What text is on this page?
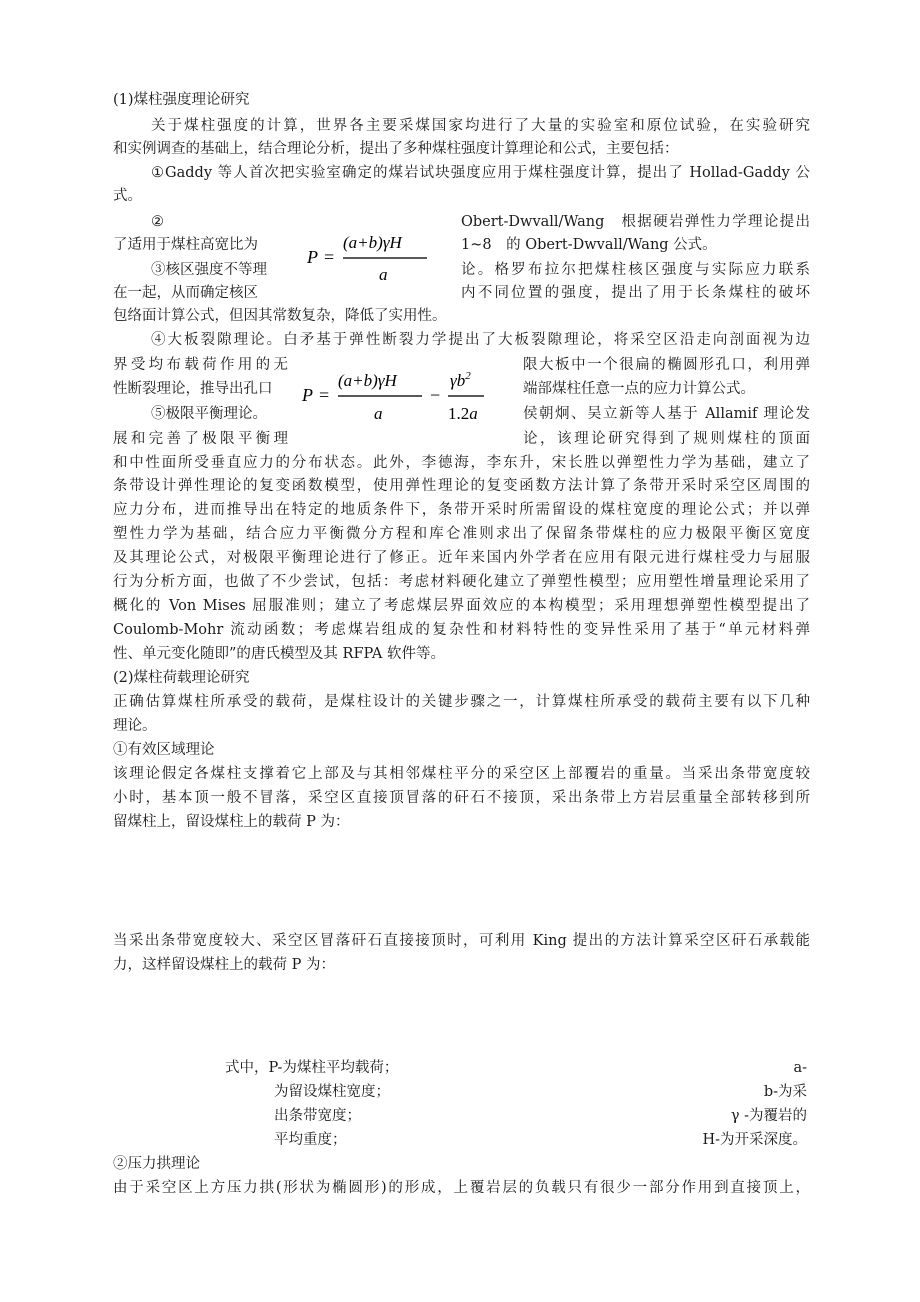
(1)煤柱强度理论研究
关于煤柱强度的计算，世界各主要采煤国家均进行了大量的实验室和原位试验，在实验研究
和实例调查的基础上，结合理论分析，提出了多种煤柱强度计算理论和公式，主要包括：
①Gaddy 等人首次把实验室确定的煤岩试块强度应用于煤柱强度计算，提出了 Hollad-Gaddy 公
式。
②
了适用于煤柱高宽比为
Obert-Dwvall/Wang　根据硬岩弹性力学理论提出
1~8　的 Obert-Dwvall/Wang 公式。
P =
(a+b)γH
a
③核区强度不等理
在一起，从而确定核区
论。格罗布拉尔把煤柱核区强度与实际应力联系
内不同位置的强度，提出了用于长条煤柱的破坏
包络面计算公式，但因其常数复杂，降低了实用性。
④大板裂隙理论。白矛基于弹性断裂力学提出了大板裂隙理论，将采空区沿走向剖面视为边
界受均布载荷作用的无
性断裂理论，推导出孔口
限大板中一个很扁的椭圆形孔口，利用弹
端部煤柱任意一点的应力计算公式。
P =
(a+b)γH
a
−
$\gamma b^2$
1.2a
⑤极限平衡理论。
展和完善了极限平衡理
侯朝炯、吴立新等人基于 Allamif 理论发
论，该理论研究得到了规则煤柱的顶面
和中性面所受垂直应力的分布状态。此外，李德海，李东升，宋长胜以弹塑性力学为基础，建立了
条带设计弹性理论的复变函数模型，使用弹性理论的复变函数方法计算了条带开采时采空区周围的
应力分布，进而推导出在特定的地质条件下，条带开采时所需留设的煤柱宽度的理论公式；并以弹
塑性力学为基础，结合应力平衡微分方程和库仑准则求出了保留条带煤柱的应力极限平衡区宽度
及其理论公式，对极限平衡理论进行了修正。近年来国内外学者在应用有限元进行煤柱受力与屈服
行为分析方面，也做了不少尝试，包括：考虑材料硬化建立了弹塑性模型；应用塑性增量理论采用了
概化的 Von Mises 屈服准则；建立了考虑煤层界面效应的本构模型；采用理想弹塑性模型提出了
Coulomb-Mohr 流动函数；考虑煤岩组成的复杂性和材料特性的变异性采用了基于“单元材料弹
性、单元变化随即”的唐氏模型及其 RFPA 软件等。
(2)煤柱荷载理论研究
正确估算煤柱所承受的载荷，是煤柱设计的关键步骤之一，计算煤柱所承受的载荷主要有以下几种
理论。
①有效区域理论
该理论假定各煤柱支撑着它上部及与其相邻煤柱平分的采空区上部覆岩的重量。当采出条带宽度较
小时，基本顶一般不冒落，采空区直接顶冒落的矸石不接顶，采出条带上方岩层重量全部转移到所
留煤柱上，留设煤柱上的载荷 P 为：
当采出条带宽度较大、采空区冒落矸石直接接顶时，可利用 King 提出的方法计算采空区矸石承载能
力，这样留设煤柱上的载荷 P 为：
式中，P-为煤柱平均载荷；	a-
为留设煤柱宽度；	b-为采
出条带宽度；	γ -为覆岩的
平均重度；	H-为开采深度。
②压力拱理论
由于采空区上方压力拱(形状为椭圆形)的形成，上覆岩层的负载只有很少一部分作用到直接顶上，
